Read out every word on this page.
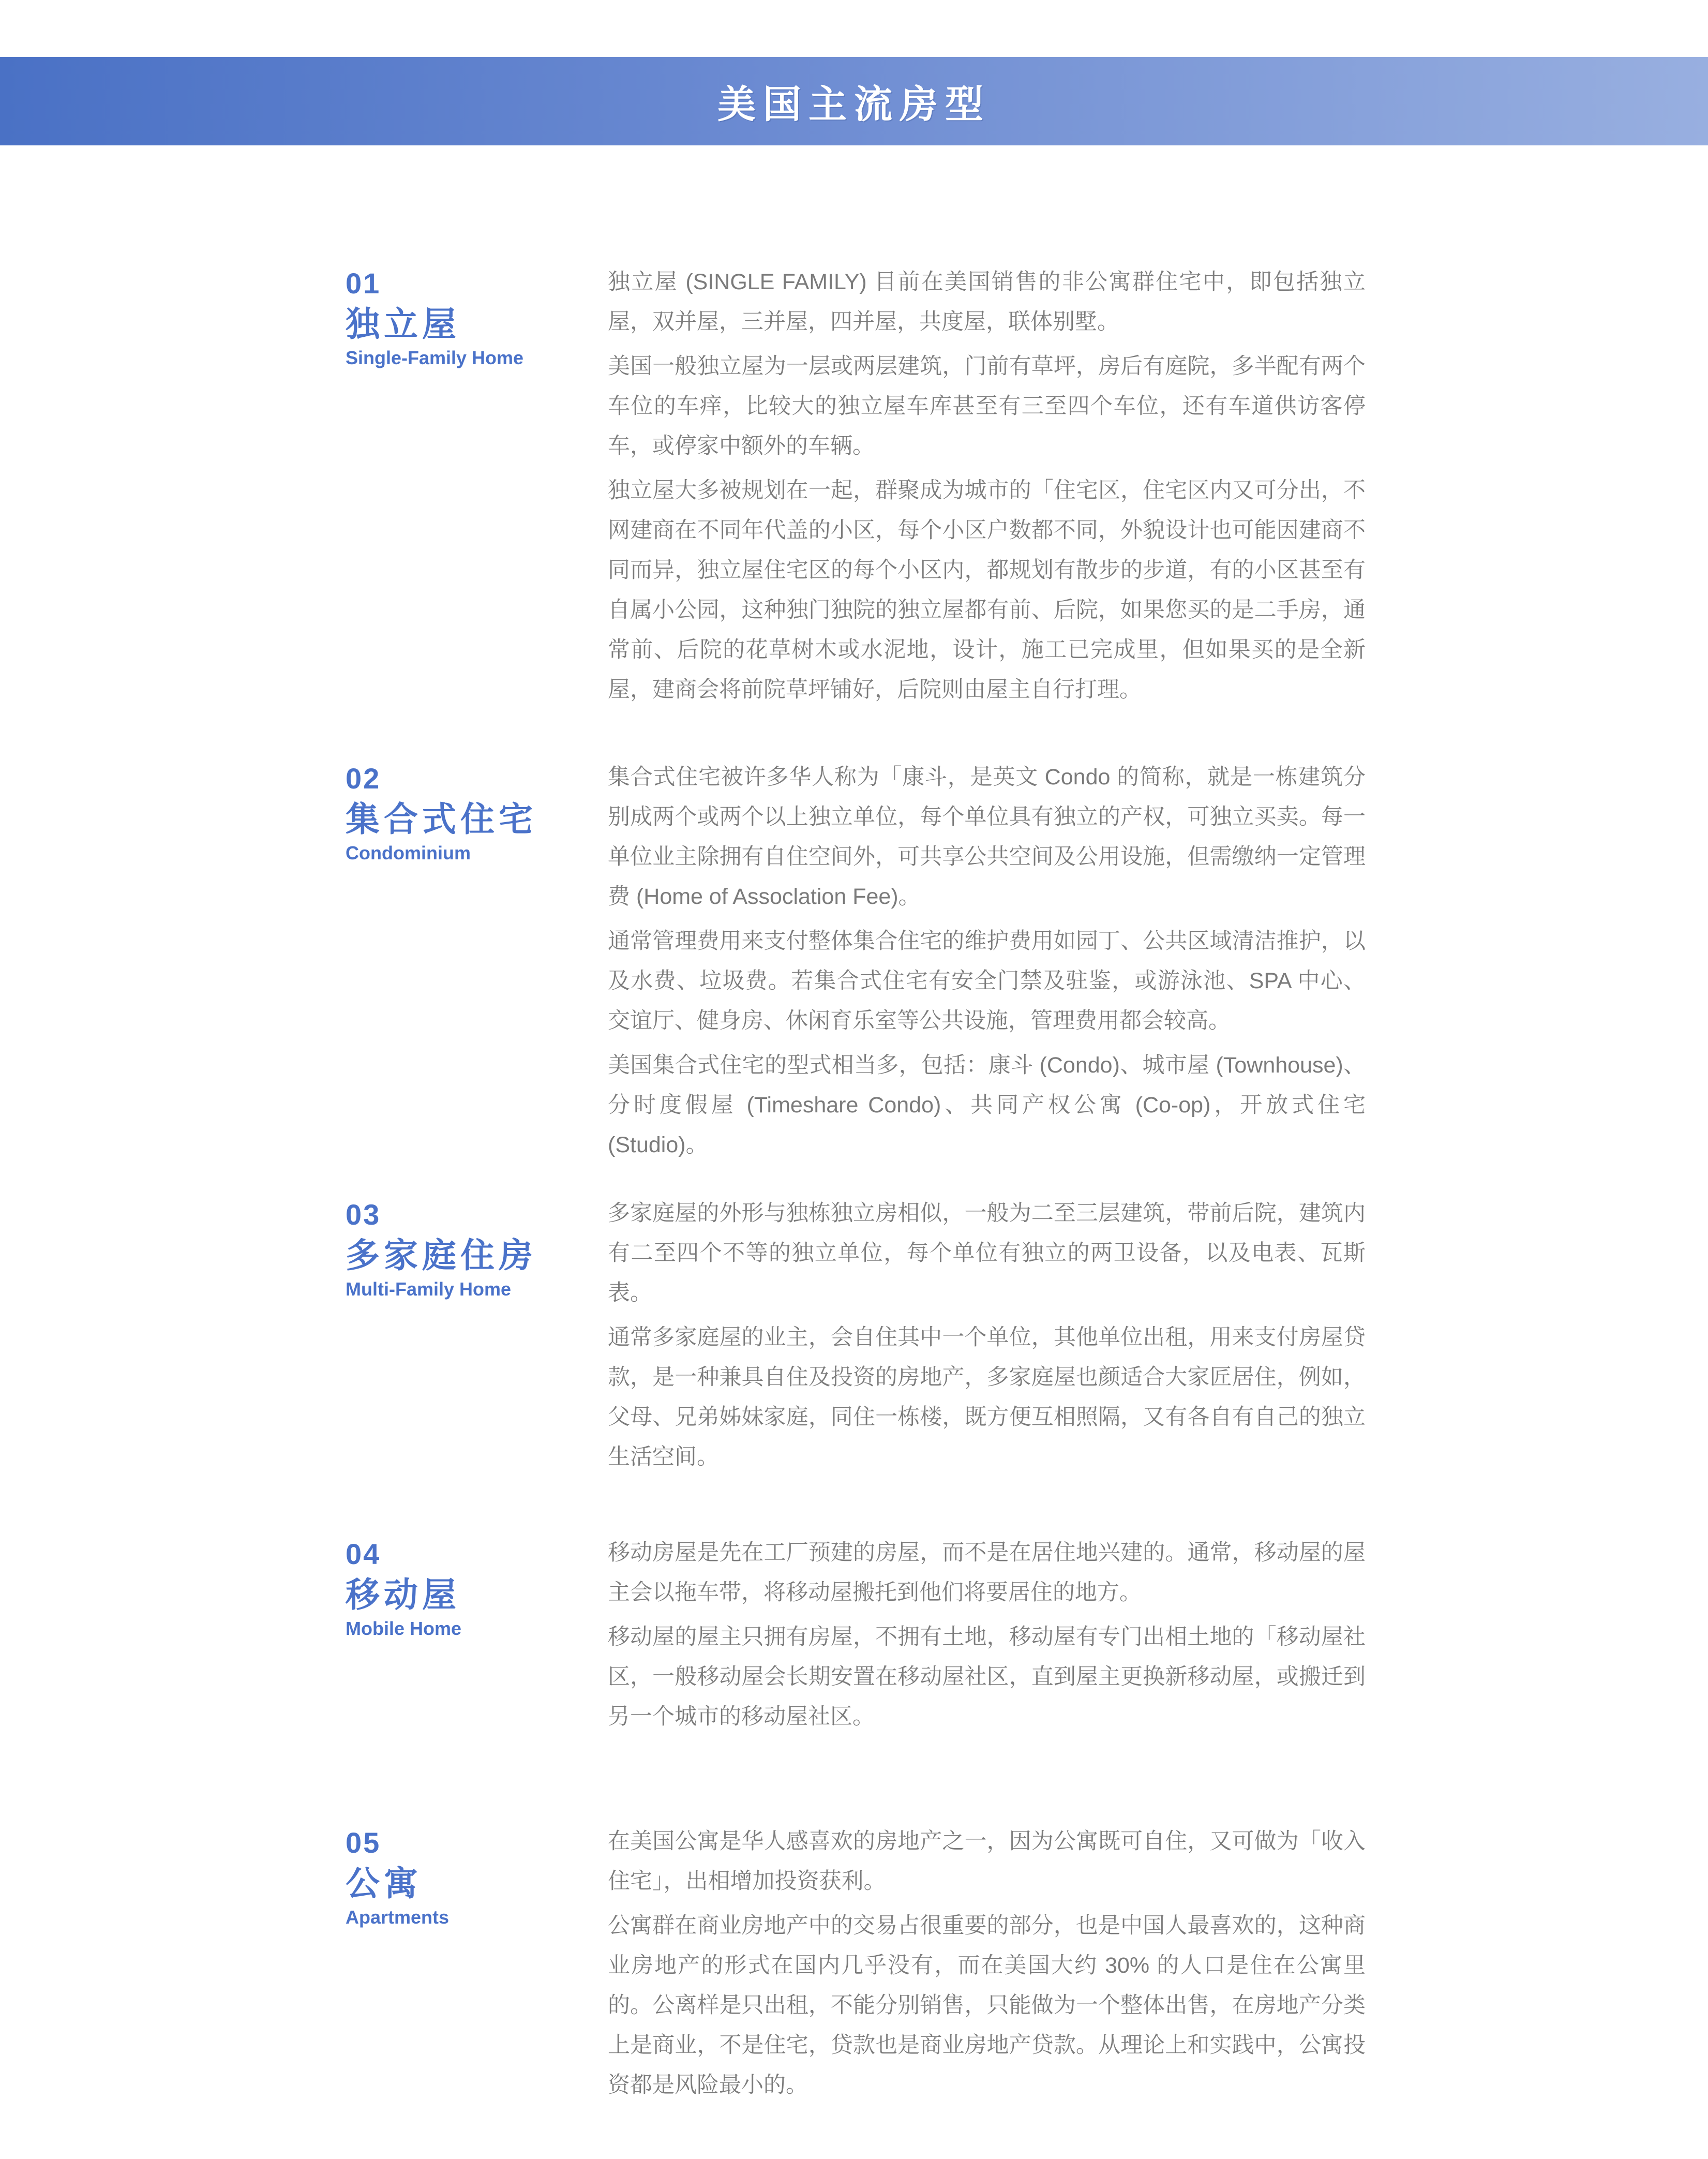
美国主流房型
01
独立屋
Single-Family Home

独立屋 (SINGLE FAMILY) 目前在美国销售的非公寓群住宅中，即包括独立屋，双并屋，三并屋，四并屋，共度屋，联体别墅。

美国一般独立屋为一层或两层建筑，门前有草坪，房后有庭院，多半配有两个车位的车痒，比较大的独立屋车库甚至有三至四个车位，还有车道供访客停车，或停家中额外的车辆。

独立屋大多被规划在一起，群聚成为城市的「住宅区，住宅区内又可分出，不网建商在不同年代盖的小区，每个小区户数都不同，外貌设计也可能因建商不同而异，独立屋住宅区的每个小区内，都规划有散步的步道，有的小区甚至有自属小公园，这种独门独院的独立屋都有前、后院，如果您买的是二手房，通常前、后院的花草树木或水泥地，设计，施工已完成里，但如果买的是全新屋，建商会将前院草坪铺好，后院则由屋主自行打理。

02
集合式住宅
Condominium

集合式住宅被许多华人称为「康斗，是英文 Condo 的简称，就是一栋建筑分别成两个或两个以上独立单位，每个单位具有独立的产权，可独立买卖。每一单位业主除拥有自住空间外，可共享公共空间及公用设施，但需缴纳一定管理费 (Home of Assoclation Fee)。

通常管理费用来支付整体集合住宅的维护费用如园丁、公共区域清洁推护，以及水费、垃圾费。若集合式住宅有安全门禁及驻鉴，或游泳池、SPA 中心、交谊厅、健身房、休闲育乐室等公共设施，管理费用都会较高。

美国集合式住宅的型式相当多，包括：康斗 (Condo)、城市屋 (Townhouse)、分时度假屋 (Timeshare Condo)、共同产权公寓 (Co-op)，开放式住宅 (Studio)。

03
多家庭住房
Multi-Family Home

多家庭屋的外形与独栋独立房相似，一般为二至三层建筑，带前后院，建筑内有二至四个不等的独立单位，每个单位有独立的两卫设备，以及电表、瓦斯表。

通常多家庭屋的业主，会自住其中一个单位，其他单位出租，用来支付房屋贷款，是一种兼具自住及投资的房地产，多家庭屋也颜适合大家匠居住，例如，父母、兄弟姊妹家庭，同住一栋楼，既方便互相照隔，又有各自有自己的独立生活空间。

04
移动屋
Mobile Home

移动房屋是先在工厂预建的房屋，而不是在居住地兴建的。通常，移动屋的屋主会以拖车带，将移动屋搬托到他们将要居住的地方。

移动屋的屋主只拥有房屋，不拥有土地，移动屋有专门出相土地的「移动屋社区，一般移动屋会长期安置在移动屋社区，直到屋主更换新移动屋，或搬迁到另一个城市的移动屋社区。

05
公寓
Apartments

在美国公寓是华人感喜欢的房地产之一，因为公寓既可自住，又可做为「收入住宅」，出相增加投资获利。

公寓群在商业房地产中的交易占很重要的部分，也是中国人最喜欢的，这种商业房地产的形式在国内几乎没有，而在美国大约 30% 的人口是住在公寓里的。公离样是只出租，不能分别销售，只能做为一个整体出售，在房地产分类上是商业，不是住宅，贷款也是商业房地产贷款。从理论上和实践中，公寓投资都是风险最小的。
